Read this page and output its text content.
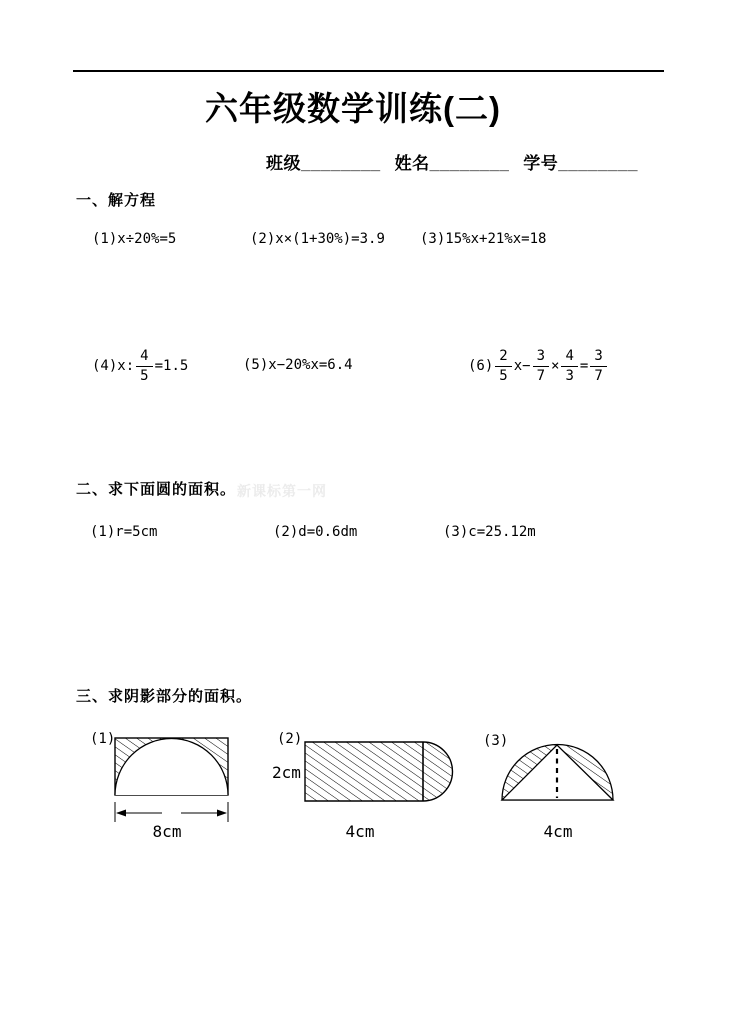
六年级数学训练(二)
班级________ 姓名________ 学号________
一、解方程
(1)x÷20%=5	(2)x×(1+30%)=3.9	(3)15%x+21%x=18
(4) x: $\frac{4}{5} =1.5$	(5)x−20%x=6.4	$(6) \frac{2}{5}$ $x - \frac{3}{7} \times \frac{4}{3} = \frac{3}{7}$
二、求下面圆的面积。 新课标第一网
(1)r=5cm	(2)d=0.6dm	(3)c=25.12m
三、求阴影部分的面积。
(1)	(2)	(3)
2cm
8cm	4cm	4cm
